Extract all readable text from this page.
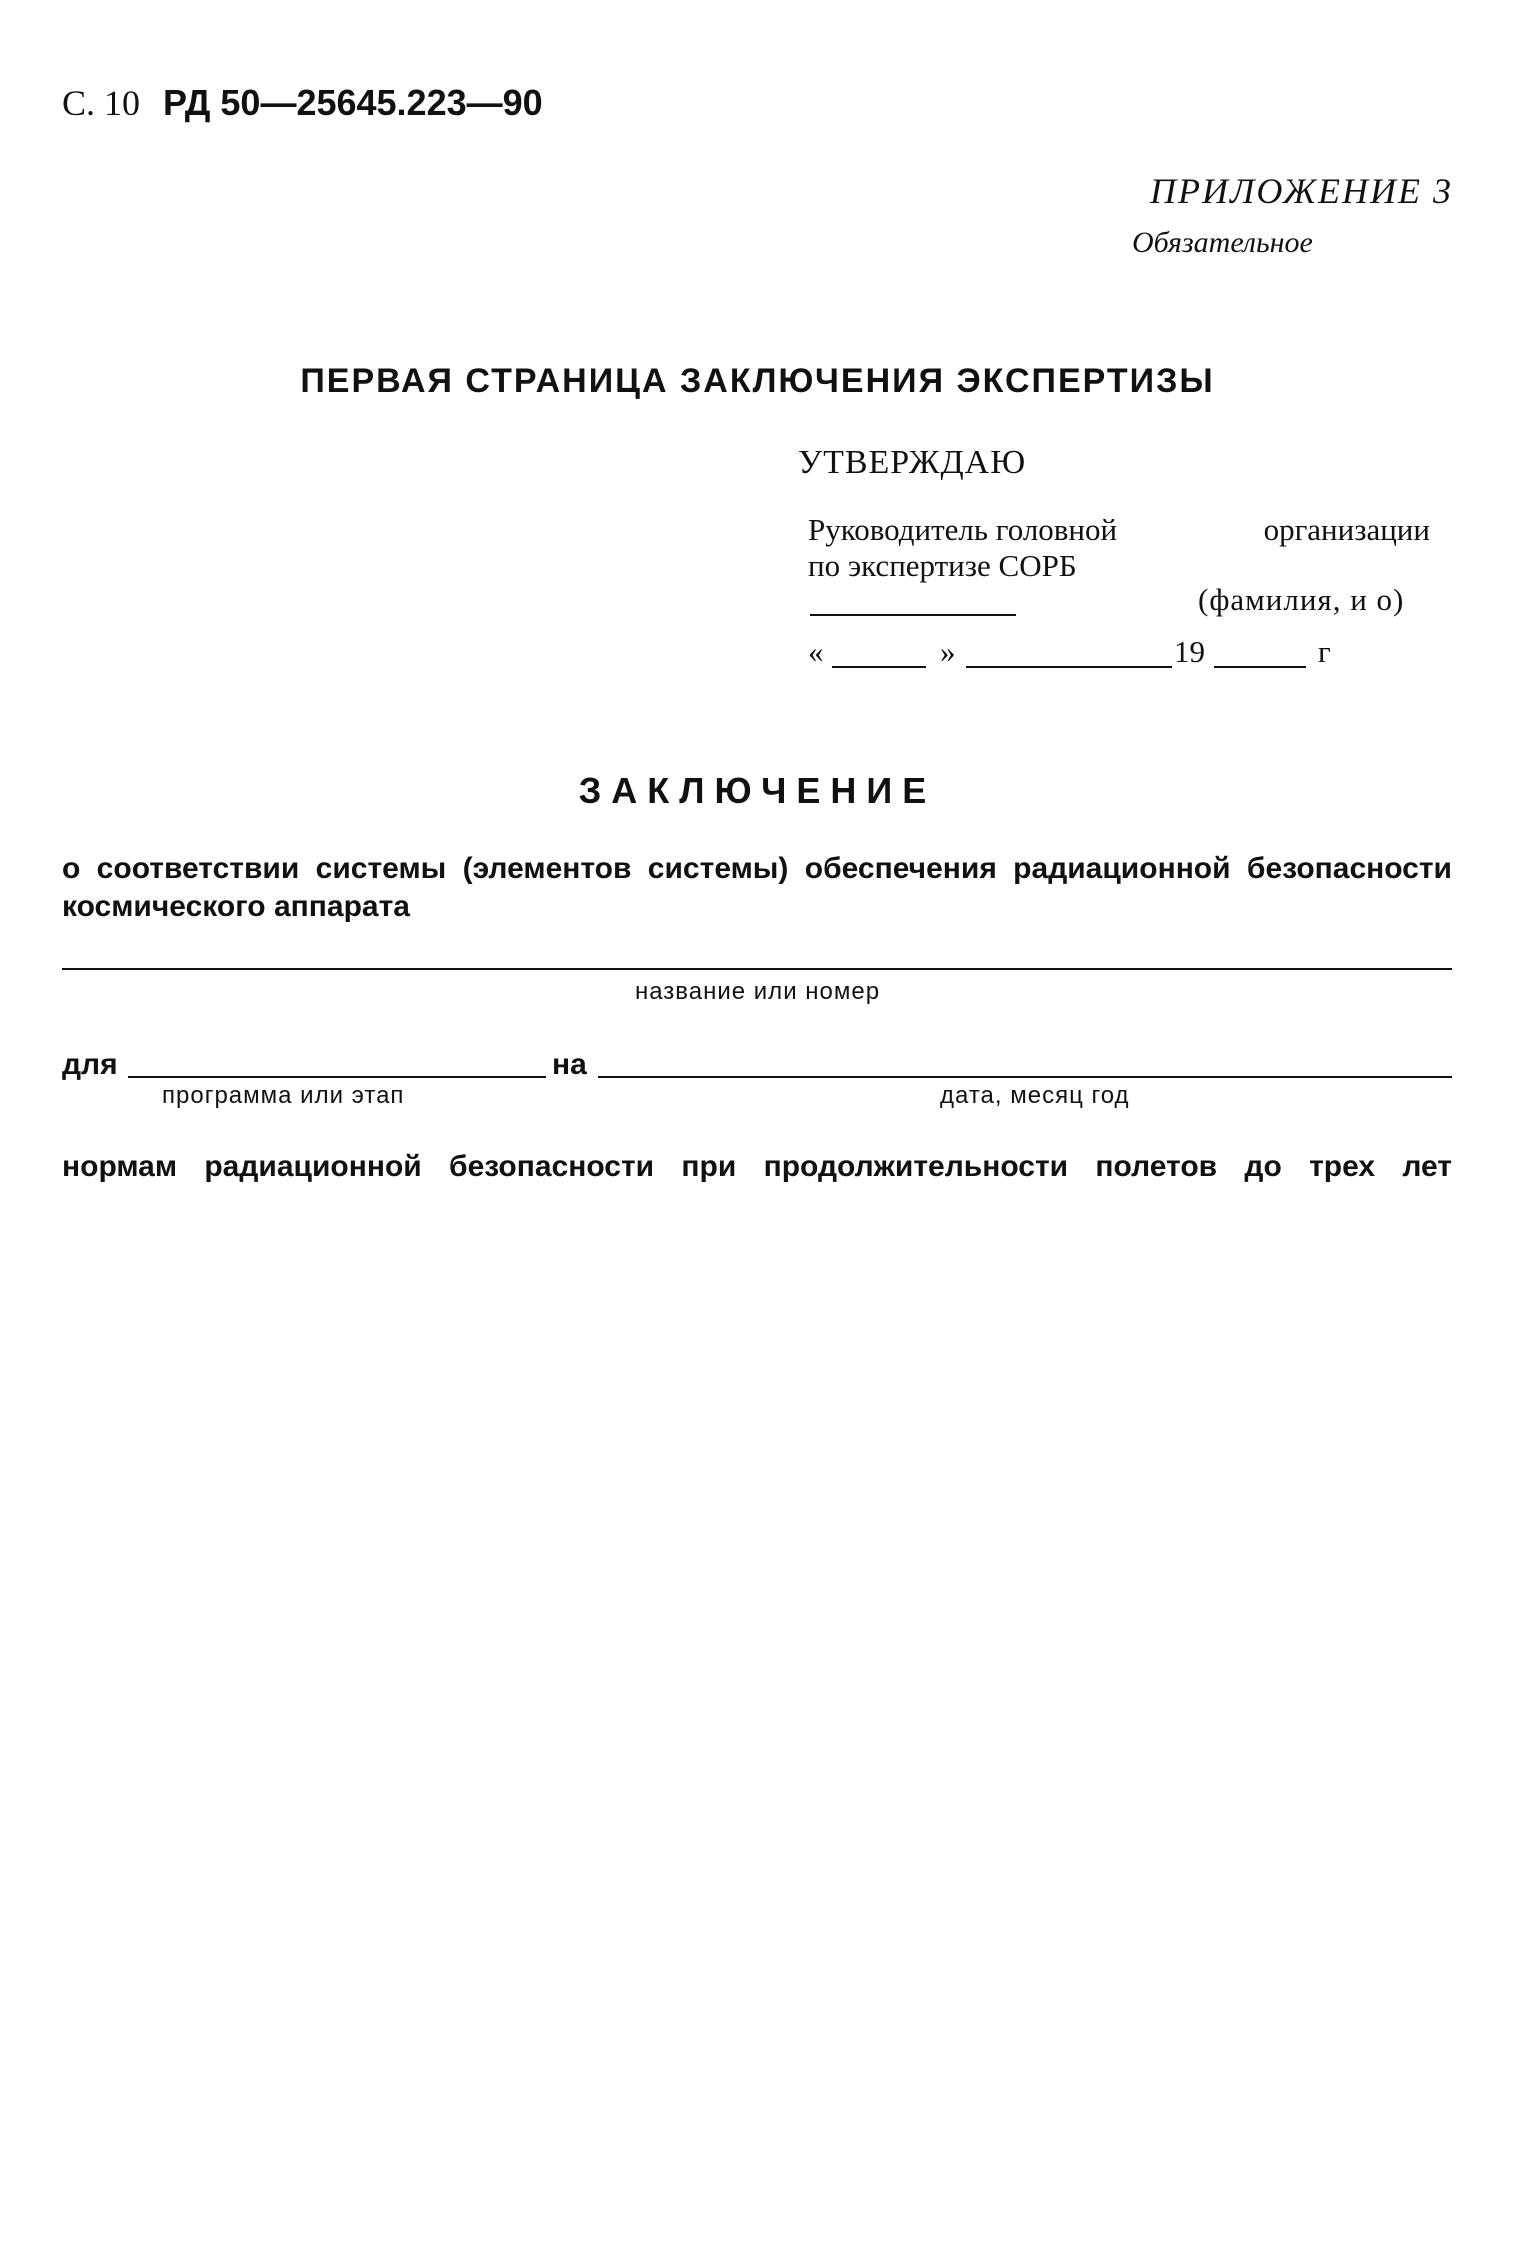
С. 10 РД 50—25645.223—90
ПРИЛОЖЕНИЕ 3
Обязательное
ПЕРВАЯ СТРАНИЦА ЗАКЛЮЧЕНИЯ ЭКСПЕРТИЗЫ
УТВЕРЖДАЮ
Руководитель головной	организации
по экспертизе СОРБ
(фамилия, и о)
«	»	19	г
ЗАКЛЮЧЕНИЕ
о соответствии системы (элементов системы) обеспечения радиационной безопасности космического аппарата
название или номер
для	на
программа или этап	дата, месяц год
нормам радиационной безопасности при продолжительности полетов до трех лет
